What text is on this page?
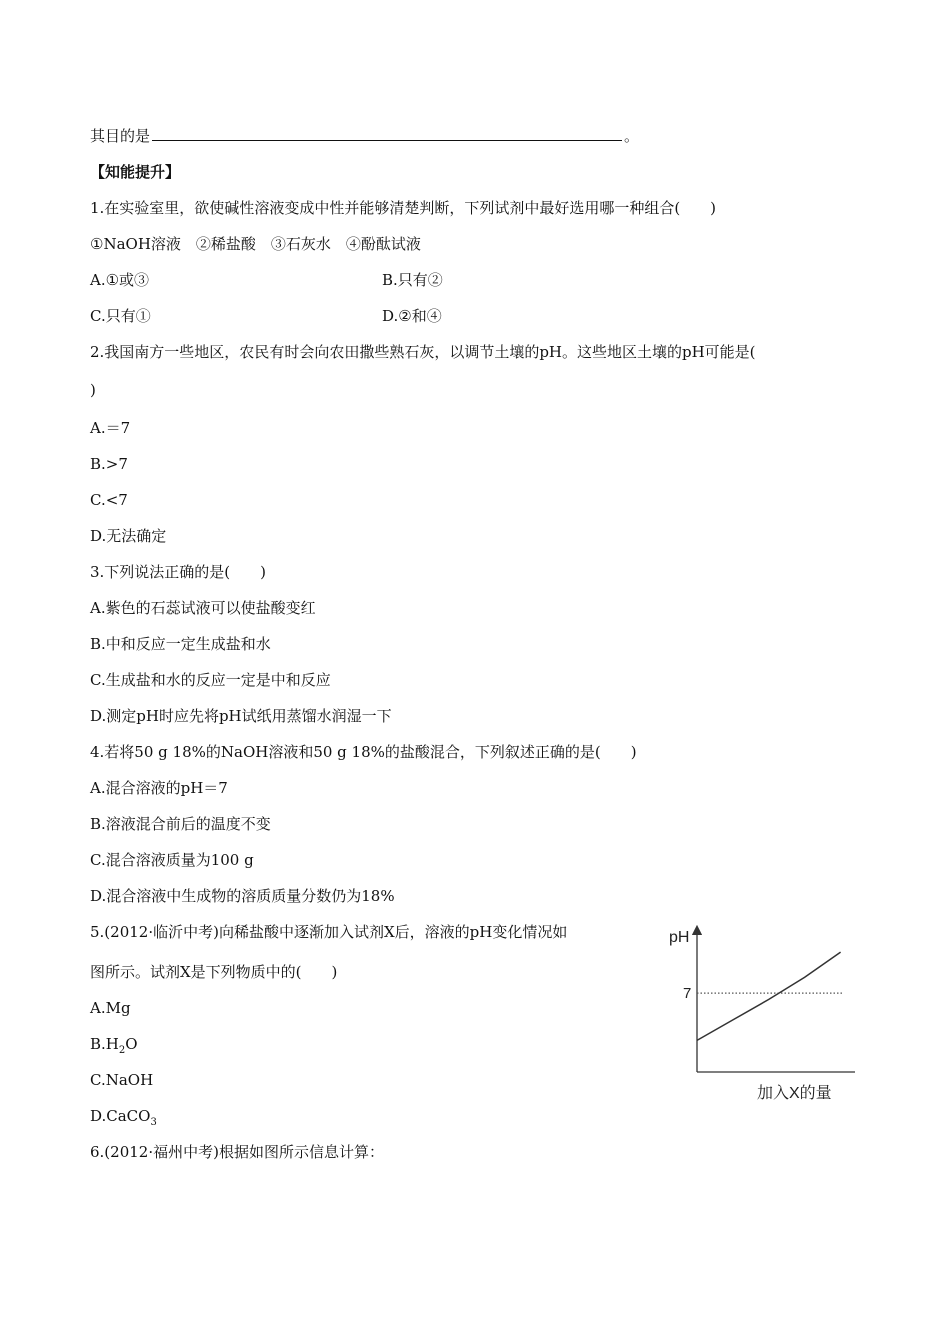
其目的是	。
【知能提升】
1.在实验室里，欲使碱性溶液变成中性并能够清楚判断，下列试剂中最好选用哪一种组合(　　)
①NaOH溶液　②稀盐酸　③石灰水　④酚酞试液
A.①或③	B.只有②
C.只有①	D.②和④
2.我国南方一些地区，农民有时会向农田撒些熟石灰，以调节土壤的pH。这些地区土壤的pH可能是(
)
A.＝7
B.>7
C.<7
D.无法确定
3.下列说法正确的是(　　)
A.紫色的石蕊试液可以使盐酸变红
B.中和反应一定生成盐和水
C.生成盐和水的反应一定是中和反应
D.测定pH时应先将pH试纸用蒸馏水润湿一下
4.若将50 g 18%的NaOH溶液和50 g 18%的盐酸混合，下列叙述正确的是(　　)
A.混合溶液的pH＝7
B.溶液混合前后的温度不变
C.混合溶液质量为100 g
D.混合溶液中生成物的溶质质量分数仍为18%
5.(2012·临沂中考)向稀盐酸中逐渐加入试剂X后，溶液的pH变化情况如
图所示。试剂X是下列物质中的(　　)
A.Mg
$B.H_2O$
C.NaOH
D.CaCO$_3$
6.(2012·福州中考)根据如图所示信息计算：
pH
加入X的量
7
